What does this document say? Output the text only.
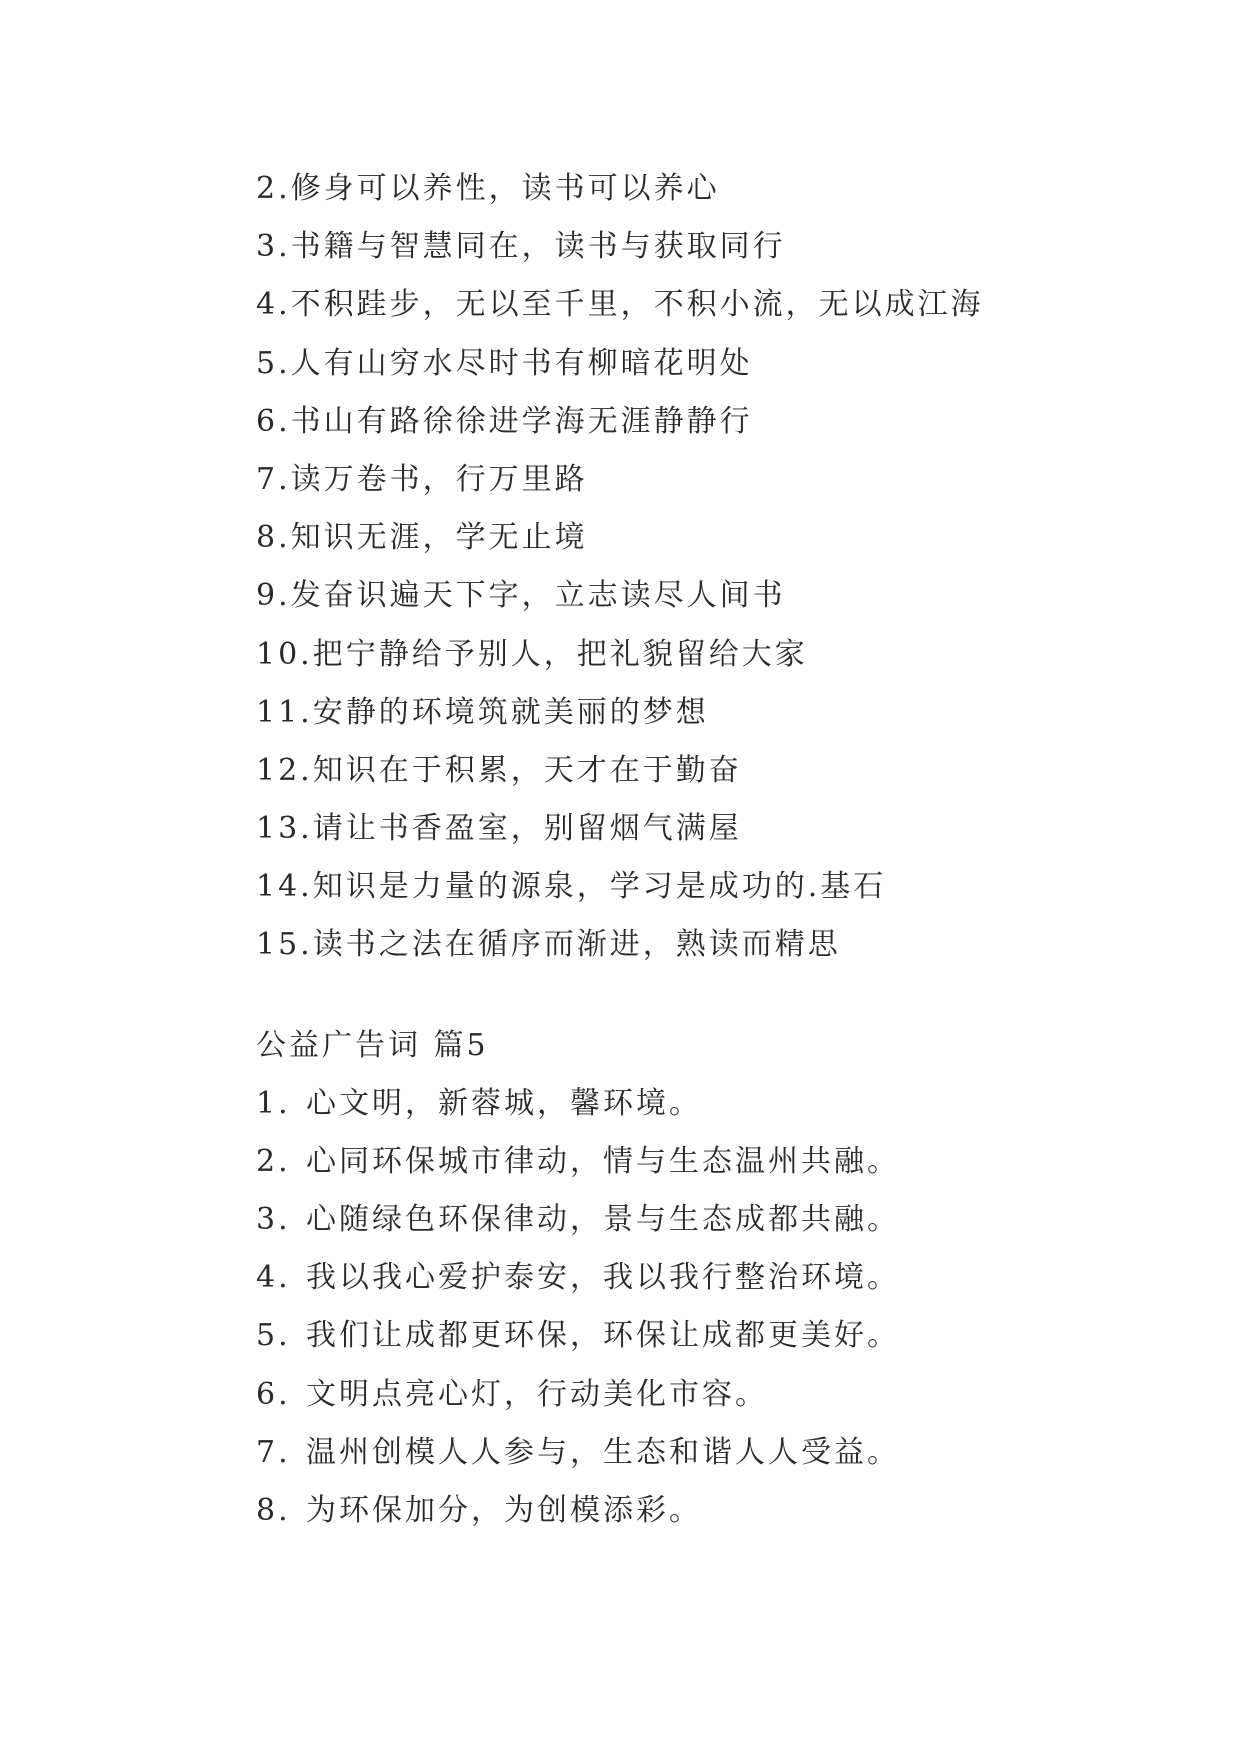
2.修身可以养性，读书可以养心
3.书籍与智慧同在，读书与获取同行
4.不积跬步，无以至千里，不积小流，无以成江海
5.人有山穷水尽时书有柳暗花明处
6.书山有路徐徐进学海无涯静静行
7.读万卷书，行万里路
8.知识无涯，学无止境
9.发奋识遍天下字，立志读尽人间书
10.把宁静给予别人，把礼貌留给大家
11.安静的环境筑就美丽的梦想
12.知识在于积累，天才在于勤奋
13.请让书香盈室，别留烟气满屋
14.知识是力量的源泉，学习是成功的.基石
15.读书之法在循序而渐进，熟读而精思
公益广告词 篇5
1. 心文明，新蓉城，馨环境。
2. 心同环保城市律动，情与生态温州共融。
3. 心随绿色环保律动，景与生态成都共融。
4. 我以我心爱护泰安，我以我行整治环境。
5. 我们让成都更环保，环保让成都更美好。
6. 文明点亮心灯，行动美化市容。
7. 温州创模人人参与，生态和谐人人受益。
8. 为环保加分，为创模添彩。
